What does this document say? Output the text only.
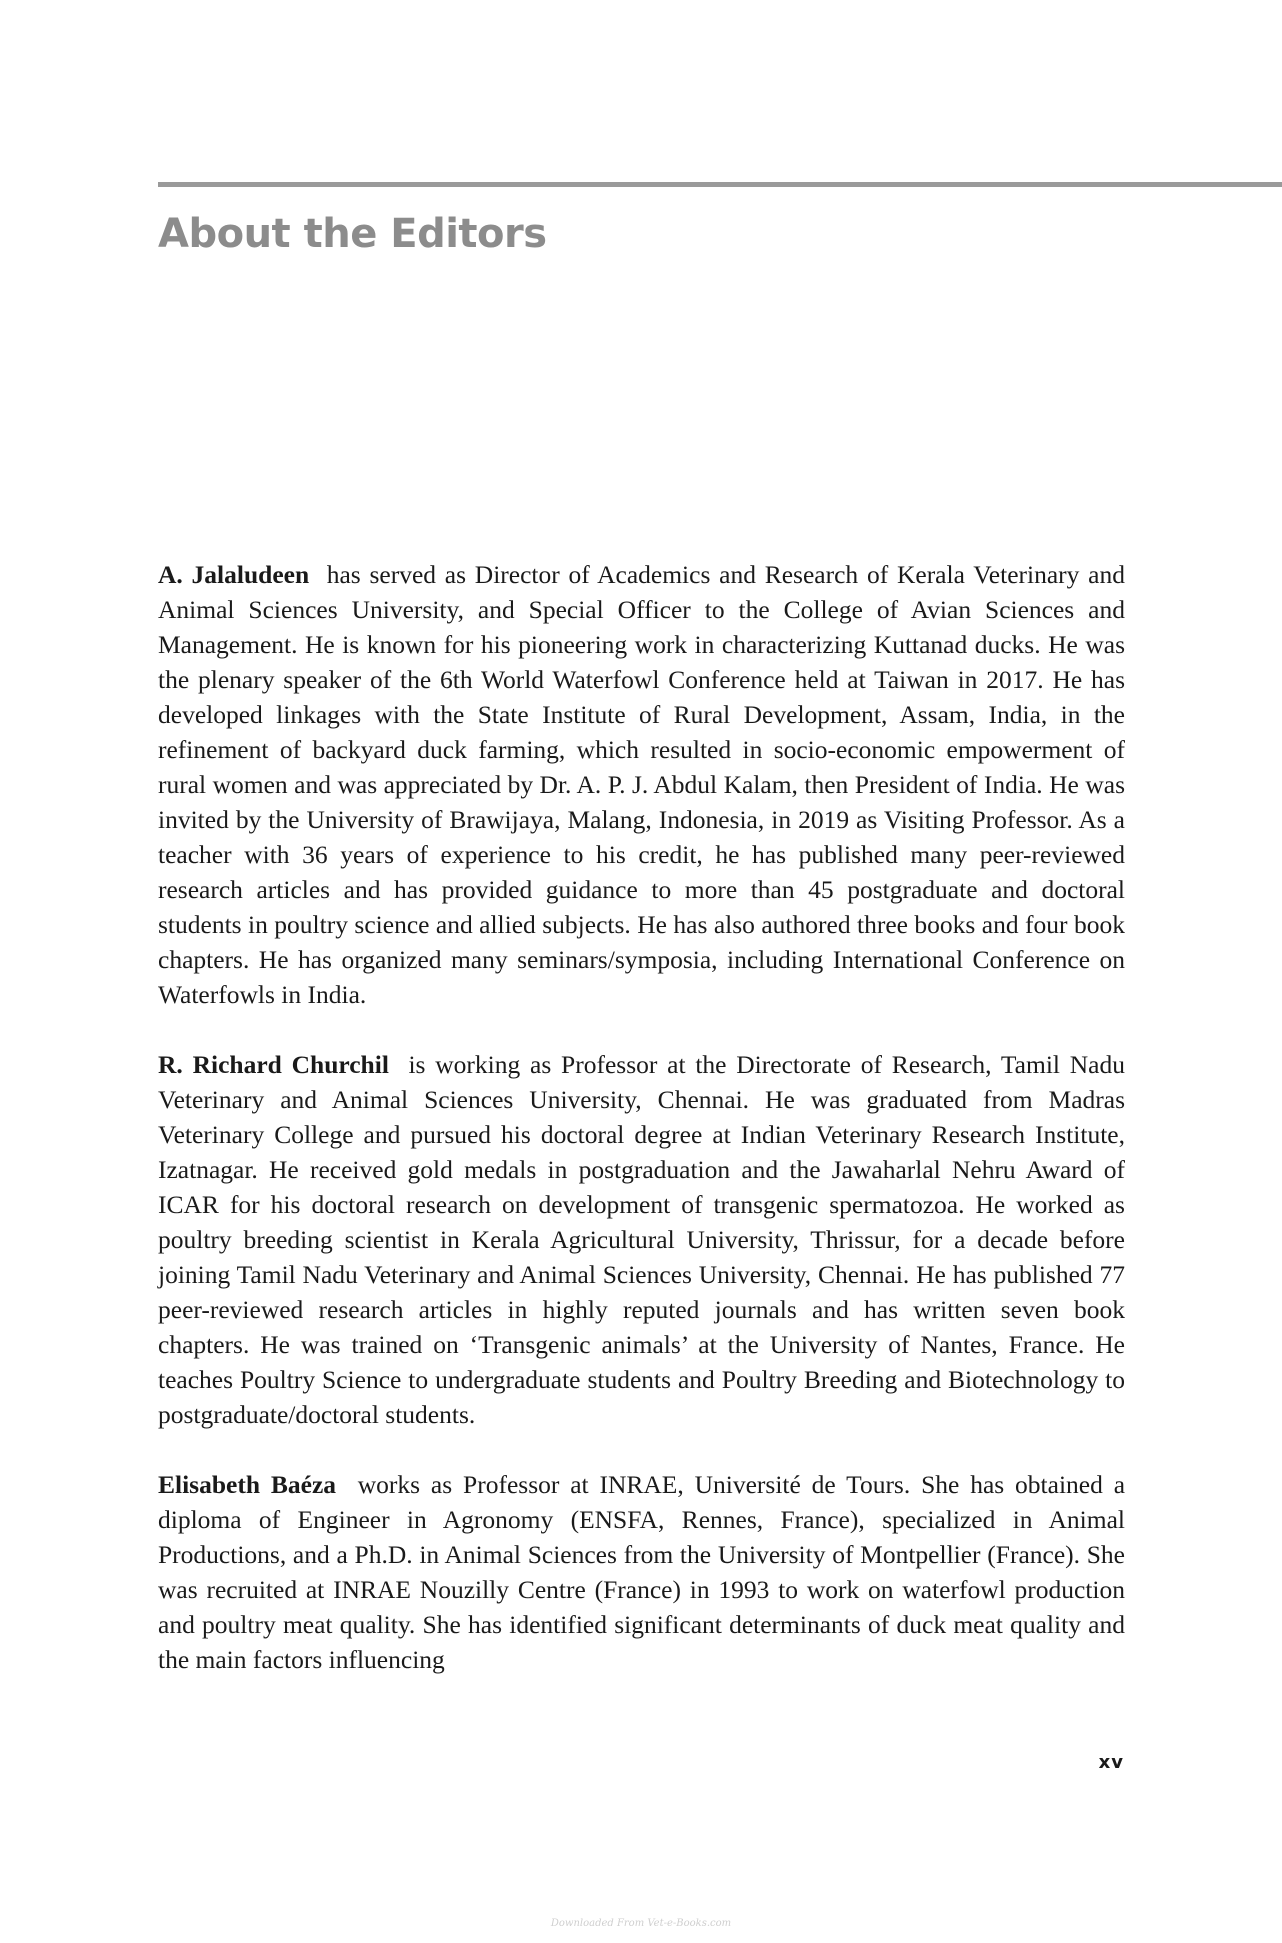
About the Editors

A. Jalaludeen has served as Director of Academics and Research of Kerala Veterinary and Animal Sciences University, and Special Officer to the College of Avian Sciences and Management. He is known for his pioneering work in characterizing Kuttanad ducks. He was the plenary speaker of the 6th World Waterfowl Conference held at Taiwan in 2017. He has developed linkages with the State Institute of Rural Development, Assam, India, in the refinement of backyard duck farming, which resulted in socio-economic empowerment of rural women and was appreciated by Dr. A. P. J. Abdul Kalam, then President of India. He was invited by the University of Brawijaya, Malang, Indonesia, in 2019 as Visiting Professor. As a teacher with 36 years of experience to his credit, he has published many peer-reviewed research articles and has provided guidance to more than 45 postgraduate and doctoral students in poultry science and allied subjects. He has also authored three books and four book chapters. He has organized many seminars/symposia, including International Conference on Waterfowls in India.

R. Richard Churchil is working as Professor at the Directorate of Research, Tamil Nadu Veterinary and Animal Sciences University, Chennai. He was graduated from Madras Veterinary College and pursued his doctoral degree at Indian Veterinary Research Institute, Izatnagar. He received gold medals in postgraduation and the Jawaharlal Nehru Award of ICAR for his doctoral research on development of transgenic spermatozoa. He worked as poultry breeding scientist in Kerala Agricultural University, Thrissur, for a decade before joining Tamil Nadu Veterinary and Animal Sciences University, Chennai. He has published 77 peer-reviewed research articles in highly reputed journals and has written seven book chapters. He was trained on ‘Transgenic animals’ at the University of Nantes, France. He teaches Poultry Science to undergraduate students and Poultry Breeding and Biotechnology to postgraduate/doctoral students.

Elisabeth Baéza works as Professor at INRAE, Université de Tours. She has obtained a diploma of Engineer in Agronomy (ENSFA, Rennes, France), specialized in Animal Productions, and a Ph.D. in Animal Sciences from the University of Montpellier (France). She was recruited at INRAE Nouzilly Centre (France) in 1993 to work on waterfowl production and poultry meat quality. She has identified significant determinants of duck meat quality and the main factors influencing

xv
Downloaded From Vet-e-Books.com
